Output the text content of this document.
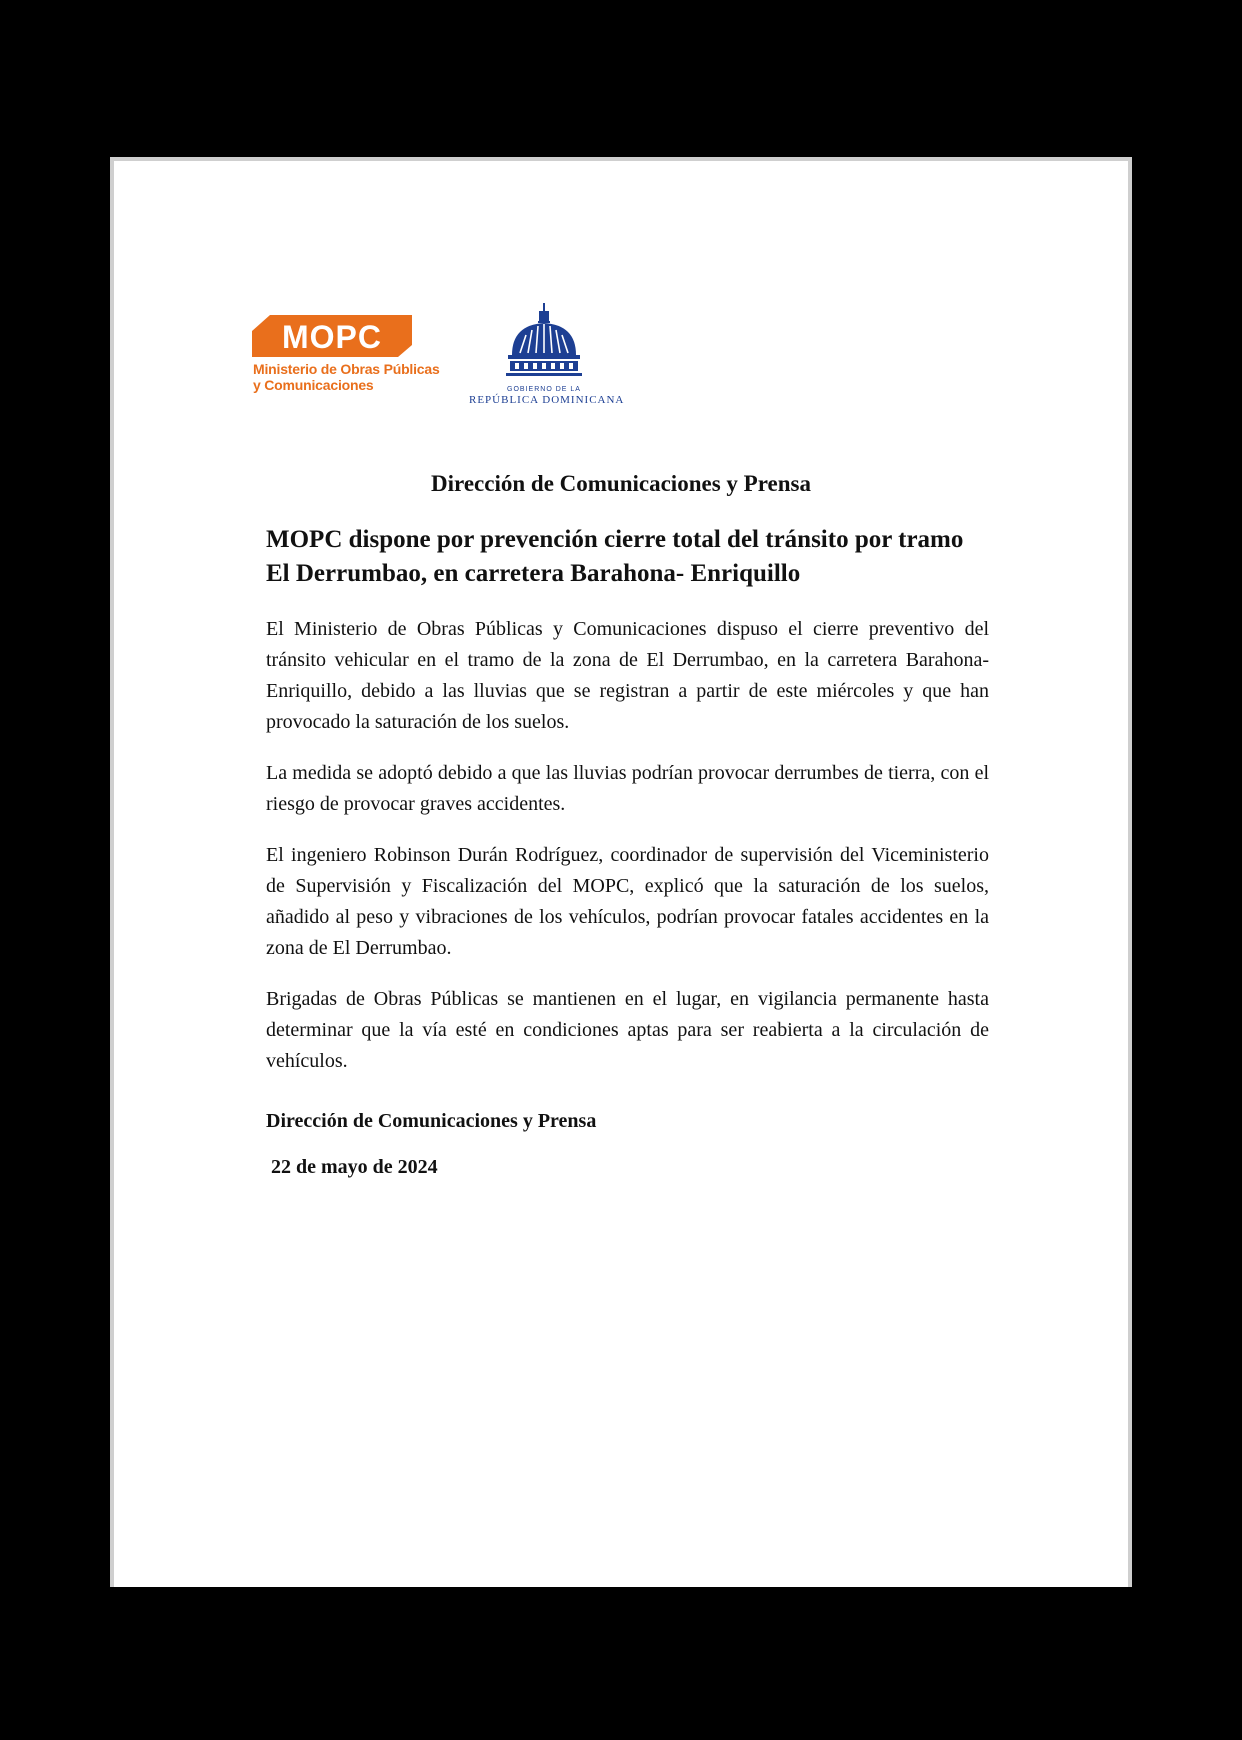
MOPC
Ministerio de Obras Públicas
y Comunicaciones	GOBIERNO DE LA
REPÚBLICA DOMINICANA
Dirección de Comunicaciones y Prensa
MOPC dispone por prevención cierre total del tránsito por tramo El Derrumbao, en carretera Barahona- Enriquillo

El Ministerio de Obras Públicas y Comunicaciones dispuso el cierre preventivo del tránsito vehicular en el tramo de la zona de El Derrumbao, en la carretera Barahona- Enriquillo, debido a las lluvias que se registran a partir de este miércoles y que han provocado la saturación de los suelos.

La medida se adoptó debido a que las lluvias podrían provocar derrumbes de tierra, con el riesgo de provocar graves accidentes.

El ingeniero Robinson Durán Rodríguez, coordinador de supervisión del Viceministerio de Supervisión y Fiscalización del MOPC, explicó que la saturación de los suelos, añadido al peso y vibraciones de los vehículos, podrían provocar fatales accidentes en la zona de El Derrumbao.

Brigadas de Obras Públicas se mantienen en el lugar, en vigilancia permanente hasta determinar que la vía esté en condiciones aptas para ser reabierta a la circulación de vehículos.

Dirección de Comunicaciones y Prensa

22 de mayo de 2024
